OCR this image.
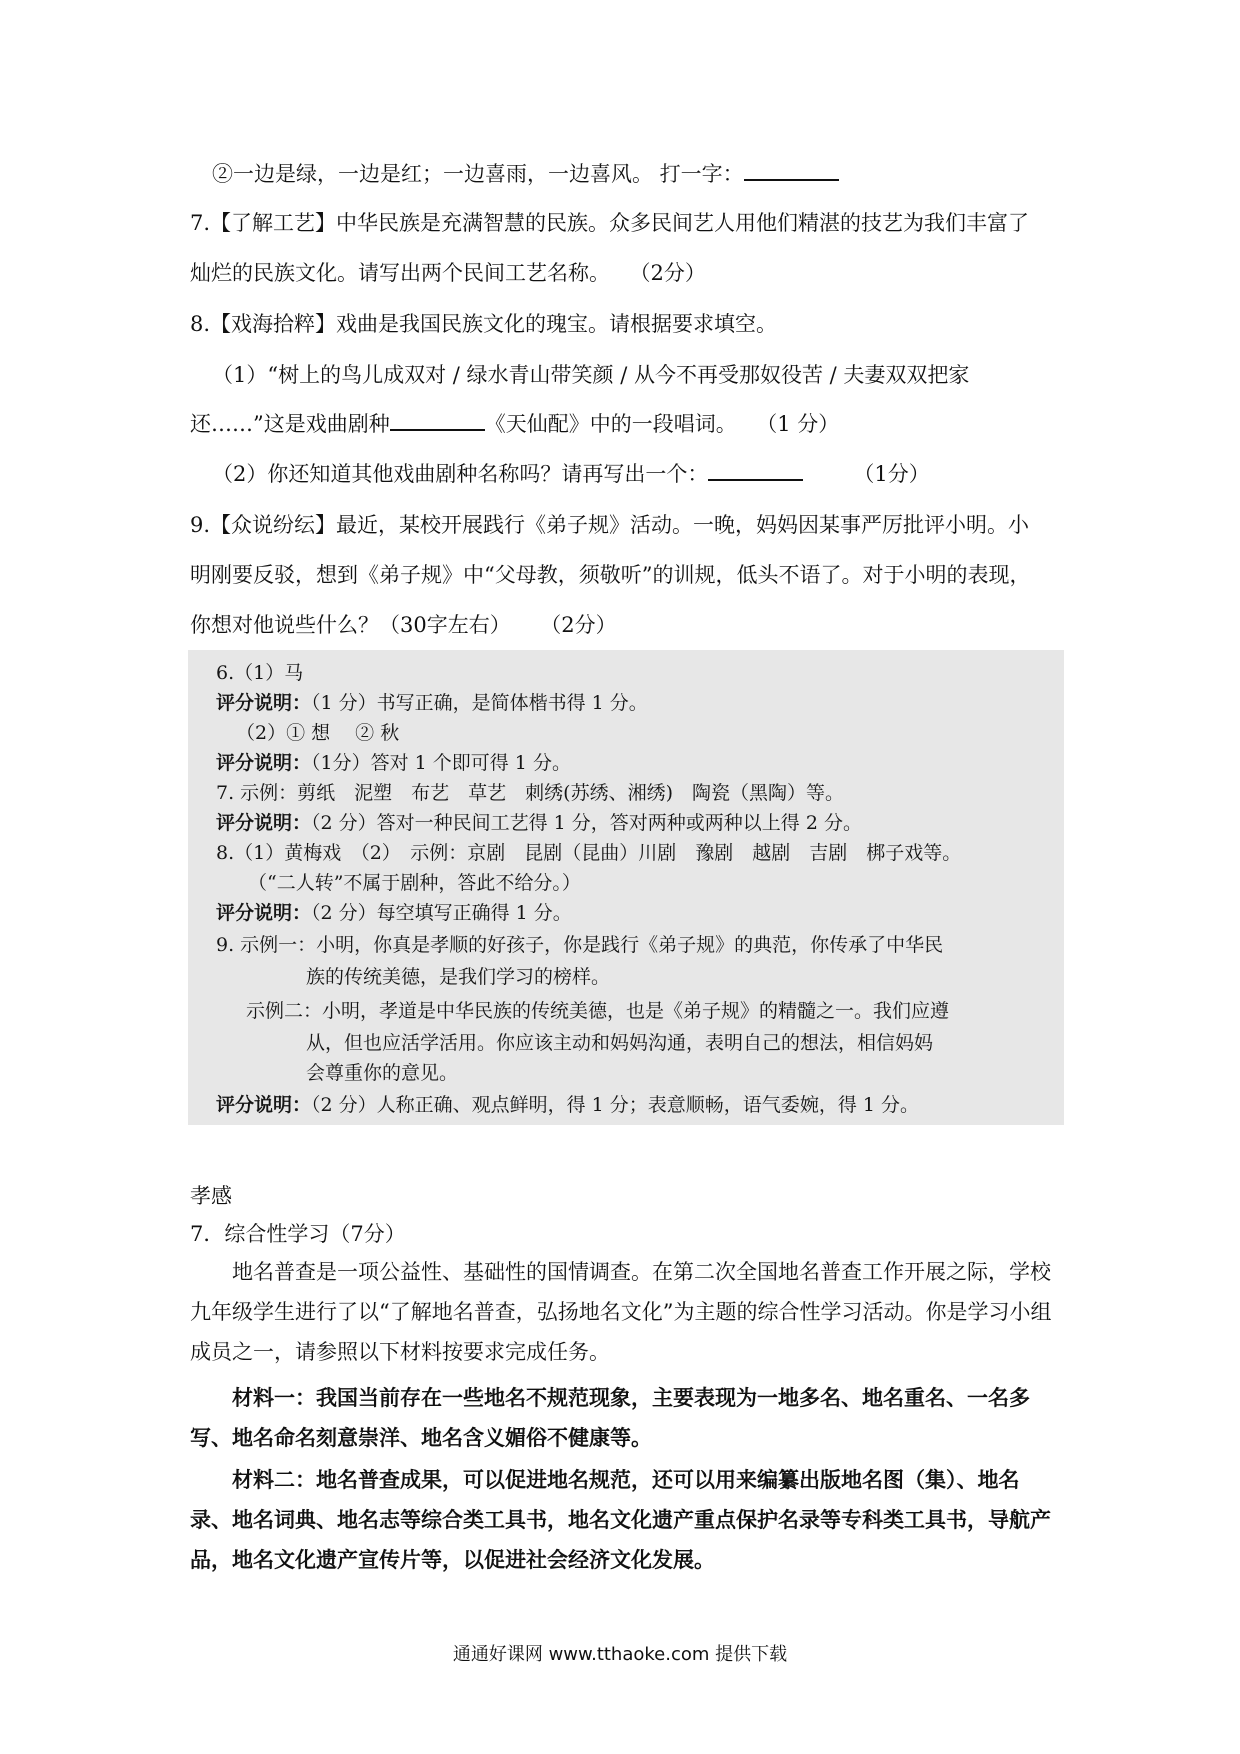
②一边是绿，一边是红；一边喜雨，一边喜风。 打一字：
7.【了解工艺】中华民族是充满智慧的民族。众多民间艺人用他们精湛的技艺为我们丰富了
灿烂的民族文化。请写出两个民间工艺名称。 （2分）
8.【戏海拾粹】戏曲是我国民族文化的瑰宝。请根据要求填空。
（1）“树上的鸟儿成双对 / 绿水青山带笑颜 / 从今不再受那奴役苦 / 夫妻双双把家
还……”这是戏曲剧种	《天仙配》中的一段唱词。 （1 分）
（2）你还知道其他戏曲剧种名称吗？请再写出一个：	（1分）
9.【众说纷纭】最近，某校开展践行《弟子规》活动。一晚，妈妈因某事严厉批评小明。小
明刚要反驳，想到《弟子规》中“父母教，须敬听”的训规，低头不语了。对于小明的表现，
你想对他说些什么？（30字左右） （2分）
6.（1）马
评分说明：（1 分）书写正确，是简体楷书得 1 分。
（2）① 想　 ② 秋
评分说明：（1分）答对 1 个即可得 1 分。
7. 示例：剪纸　泥塑　布艺　草艺　刺绣(苏绣、湘绣)　陶瓷（黑陶）等。
评分说明：（2 分）答对一种民间工艺得 1 分，答对两种或两种以上得 2 分。
8.（1）黄梅戏　（2）　示例：京剧　昆剧（昆曲）川剧　豫剧　越剧　吉剧　梆子戏等。
（“二人转”不属于剧种，答此不给分。）
评分说明：（2 分）每空填写正确得 1 分。
9. 示例一：小明，你真是孝顺的好孩子，你是践行《弟子规》的典范，你传承了中华民
族的传统美德，是我们学习的榜样。
示例二：小明，孝道是中华民族的传统美德，也是《弟子规》的精髓之一。我们应遵
从，但也应活学活用。你应该主动和妈妈沟通，表明自己的想法，相信妈妈
会尊重你的意见。
评分说明：（2 分）人称正确、观点鲜明，得 1 分；表意顺畅，语气委婉，得 1 分。
孝感
7．综合性学习（7分）
地名普查是一项公益性、基础性的国情调查。在第二次全国地名普查工作开展之际，学校九年级学生进行了以“了解地名普查，弘扬地名文化”为主题的综合性学习活动。你是学习小组成员之一，请参照以下材料按要求完成任务。
材料一：我国当前存在一些地名不规范现象，主要表现为一地多名、地名重名、一名多写、地名命名刻意崇洋、地名含义媚俗不健康等。
材料二：地名普查成果，可以促进地名规范，还可以用来编纂出版地名图（集）、地名录、地名词典、地名志等综合类工具书，地名文化遗产重点保护名录等专科类工具书，导航产品，地名文化遗产宣传片等，以促进社会经济文化发展。
通通好课网 www.tthaoke.com 提供下载
